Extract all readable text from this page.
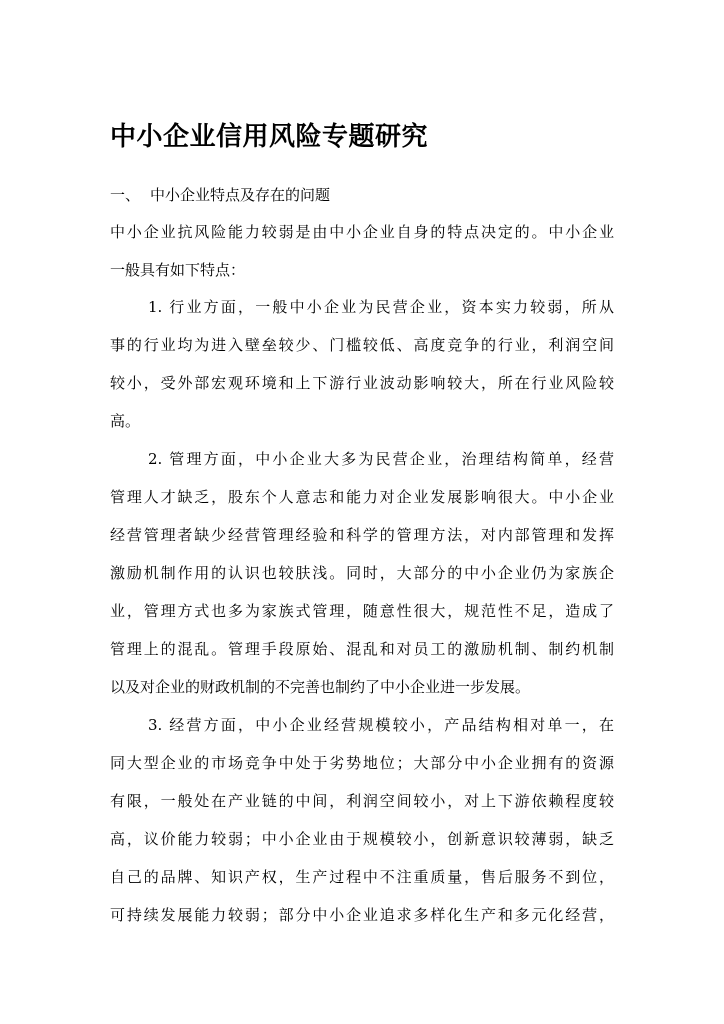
中小企业信用风险专题研究
一、 中小企业特点及存在的问题
中小企业抗风险能力较弱是由中小企业自身的特点决定的。中小企业
一般具有如下特点：
1. 行业方面，一般中小企业为民营企业，资本实力较弱，所从
事的行业均为进入壁垒较少、门槛较低、高度竞争的行业，利润空间
较小，受外部宏观环境和上下游行业波动影响较大，所在行业风险较
高。
2. 管理方面，中小企业大多为民营企业，治理结构简单，经营
管理人才缺乏，股东个人意志和能力对企业发展影响很大。中小企业
经营管理者缺少经营管理经验和科学的管理方法，对内部管理和发挥
激励机制作用的认识也较肤浅。同时，大部分的中小企业仍为家族企
业，管理方式也多为家族式管理，随意性很大，规范性不足，造成了
管理上的混乱。管理手段原始、混乱和对员工的激励机制、制约机制
以及对企业的财政机制的不完善也制约了中小企业进一步发展。
3. 经营方面，中小企业经营规模较小，产品结构相对单一，在
同大型企业的市场竞争中处于劣势地位；大部分中小企业拥有的资源
有限，一般处在产业链的中间，利润空间较小，对上下游依赖程度较
高，议价能力较弱；中小企业由于规模较小，创新意识较薄弱，缺乏
自己的品牌、知识产权，生产过程中不注重质量，售后服务不到位，
可持续发展能力较弱；部分中小企业追求多样化生产和多元化经营，
